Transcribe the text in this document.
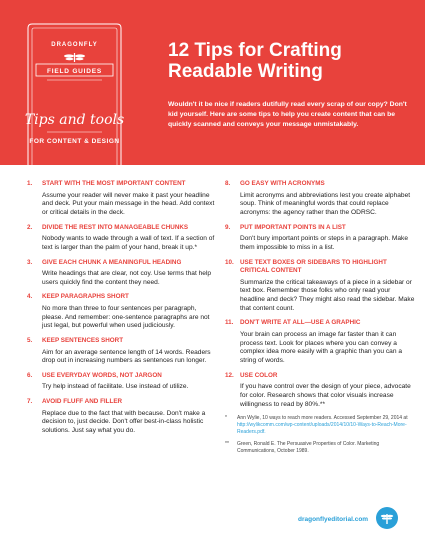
DRAGONFLY
FIELD GUIDES
Tips and tools
FOR CONTENT & DESIGN
12 Tips for Crafting Readable Writing
Wouldn't it be nice if readers dutifully read every scrap of our copy? Don't kid yourself. Here are some tips to help you create content that can be quickly scanned and conveys your message unmistakably.
1.	START WITH THE MOST IMPORTANT CONTENT
Assume your reader will never make it past your headline and deck. Put your main message in the head. Add context or critical details in the deck.
2.	DIVIDE THE REST INTO MANAGEABLE CHUNKS
Nobody wants to wade through a wall of text. If a section of text is larger than the palm of your hand, break it up.*
3.	GIVE EACH CHUNK A MEANINGFUL HEADING
Write headings that are clear, not coy. Use terms that help users quickly find the content they need.
4.	KEEP PARAGRAPHS SHORT
No more than three to four sentences per paragraph, please. And remember: one-sentence paragraphs are not just legal, but powerful when used judiciously.
5.	KEEP SENTENCES SHORT
Aim for an average sentence length of 14 words. Readers drop out in increasing numbers as sentences run longer.
6.	USE EVERYDAY WORDS, NOT JARGON
Try help instead of facilitate. Use instead of utilize.
7.	AVOID FLUFF AND FILLER
Replace due to the fact that with because. Don't make a decision to, just decide. Don't offer best-in-class holistic solutions. Just say what you do.
8.	GO EASY WITH ACRONYMS
Limit acronyms and abbreviations lest you create alphabet soup. Think of meaningful words that could replace acronyms: the agency rather than the ODRSC.
9.	PUT IMPORTANT POINTS IN A LIST
Don't bury important points or steps in a paragraph. Make them impossible to miss in a list.
10. USE TEXT BOXES OR SIDEBARS TO HIGHLIGHT CRITICAL CONTENT
Summarize the critical takeaways of a piece in a sidebar or text box. Remember those folks who only read your headline and deck? They might also read the sidebar. Make that content count.
11.	DON'T WRITE AT ALL—USE A GRAPHIC
Your brain can process an image far faster than it can process text. Look for places where you can convey a complex idea more easily with a graphic than you can a string of words.
12. USE COLOR
If you have control over the design of your piece, advocate for color. Research shows that color visuals increase willingness to read by 80%.**
* Ann Wylie, 10 ways to reach more readers. Accessed September 29, 2014 at http://wylikcomm.com/wp-content/uploads/2014/10/10-Ways-to-Reach-More-Readers.pdf.
** Green, Ronald E. The Persuasive Properties of Color. Marketing Communications, October 1989.
dragonflyeditorial.com
